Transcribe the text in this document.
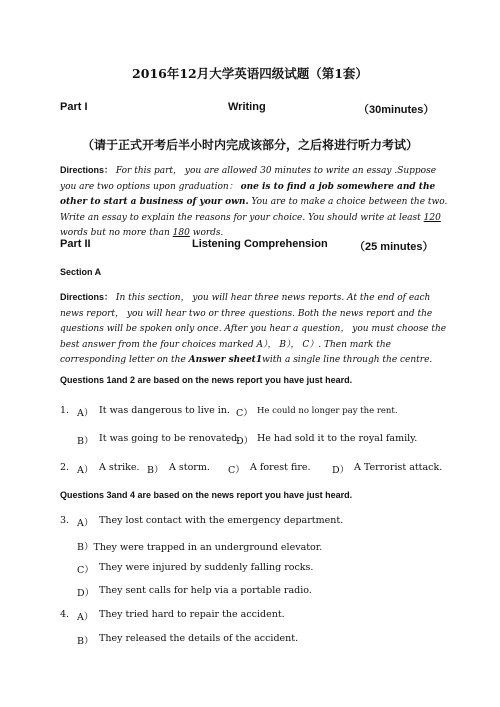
2016年12月大学英语四级试题（第1套）
Part I	Writing	（30minutes）
（请于正式开考后半小时内完成该部分，之后将进行听力考试）
Directions： For this part， you are allowed 30 minutes to write an essay .Suppose you are two options upon graduation： one is to find a job somewhere and the other to start a business of your own. You are to make a choice between the two. Write an essay to explain the reasons for your choice. You should write at least 120 words but no more than 180 words.
Part II	Listening Comprehension （25 minutes）
Section A
Directions： In this section， you will hear three news reports. At the end of each news report， you will hear two or three questions. Both the news report and the questions will be spoken only once. After you hear a question， you must choose the best answer from the four choices marked A）， B）， C）. Then mark the corresponding letter on the Answer sheet1with a single line through the centre.
Questions 1and 2 are based on the news report you have just heard.
1. A） It was dangerous to live in. C） He could no longer pay the rent.
B） It was going to be renovated.
D） He had sold it to the royal family.
2. A） A strike. B） A storm. C） A forest fire. D） A Terrorist attack.
Questions 3and 4 are based on the news report you have just heard.
3. A） They lost contact with the emergency department.
B）They were trapped in an underground elevator.
C） They were injured by suddenly falling rocks.
D） They sent calls for help via a portable radio.
4. A） They tried hard to repair the accident.
B） They released the details of the accident.
